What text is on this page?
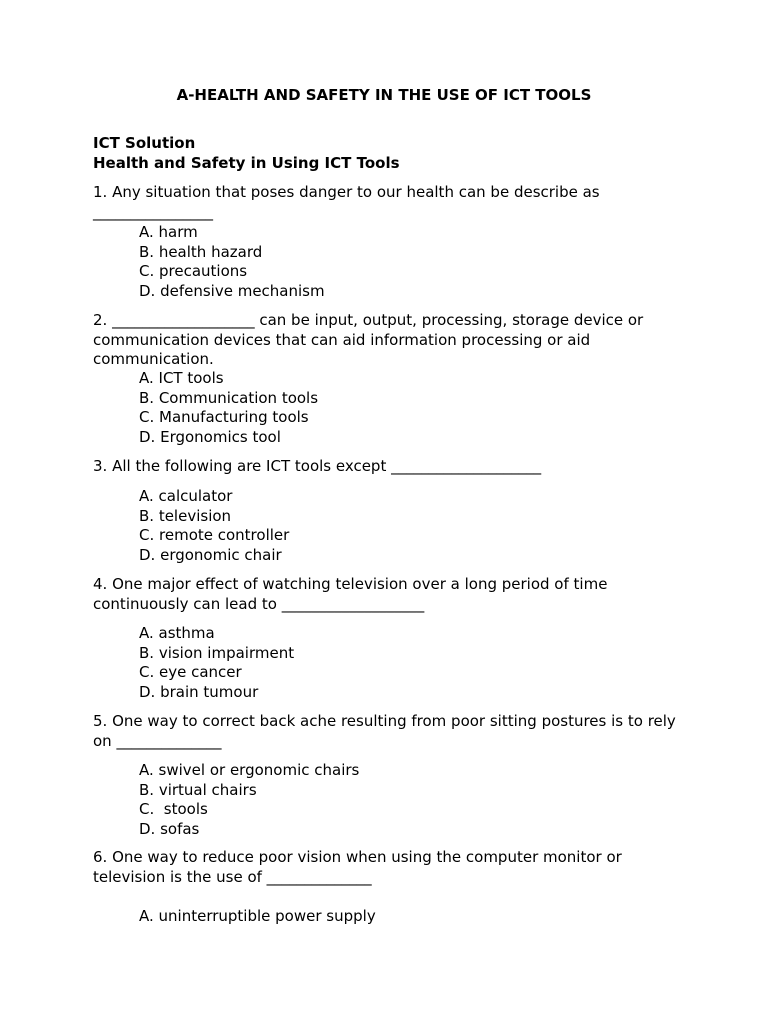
A-HEALTH AND SAFETY IN THE USE OF ICT TOOLS
ICT Solution
Health and Safety in Using ICT Tools
1. Any situation that poses danger to our health can be describe as ________________
A. harm
B. health hazard
C. precautions
D. defensive mechanism
2. ___________________ can be input, output, processing, storage device or communication devices that can aid information processing or aid communication.
A. ICT tools
B. Communication tools
C. Manufacturing tools
D. Ergonomics tool
3. All the following are ICT tools except ____________________
A. calculator
B. television
C. remote controller
D. ergonomic chair
4. One major effect of watching television over a long period of time continuously can lead to ___________________
A. asthma
B. vision impairment
C. eye cancer
D. brain tumour
5. One way to correct back ache resulting from poor sitting postures is to rely on ______________
A. swivel or ergonomic chairs
B. virtual chairs
C.  stools
D. sofas
6. One way to reduce poor vision when using the computer monitor or television is the use of ______________
A. uninterruptible power supply
